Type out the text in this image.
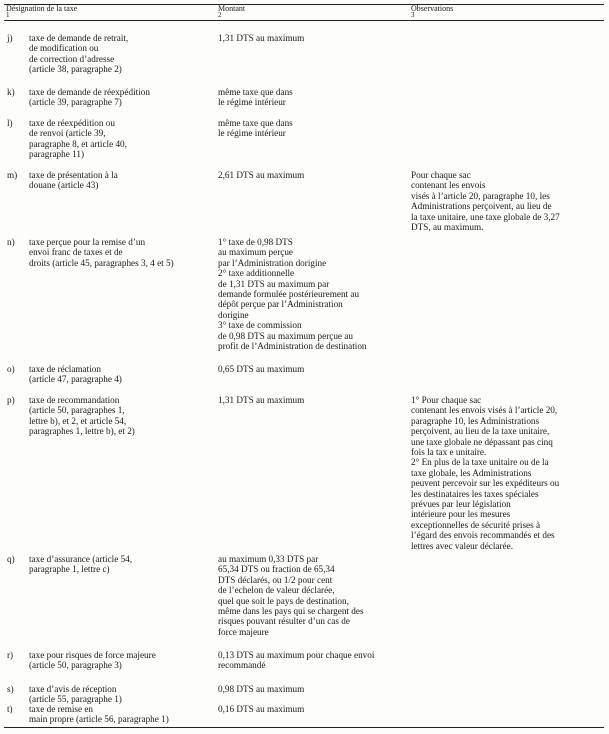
Désignation de la taxe
1
Montant
2
Observations
3
j) taxe de demande de retrait,
de modification ou
de correction d’adresse
(article 38, paragraphe 2)
1,31 DTS au maximum
k) taxe de demande de réexpédition
(article 39, paragraphe 7)
même taxe que dans
le régime intérieur
l) taxe de réexpédition ou
de renvoi (article 39,
paragraphe 8, et article 40,
paragraphe 11)
même taxe que dans
le régime intérieur
m) taxe de présentation à la
douane (article 43)
2,61 DTS au maximum	Pour chaque sac
contenant les envois
visés à l’article 20, paragraphe 10, les
Administrations perçoivent, au lieu de
la taxe unitaire, une taxe globale de 3,27
DTS, au maximum.
n) taxe perçue pour la remise d’un
envoi franc de taxes et de
droits (article 45, paragraphes 3, 4 et 5)
1° taxe de 0,98 DTS
au maximum perçue
par l’Administration dorigine
2° taxe additionnelle
de 1,31 DTS au maximum par
demande formulée postérieurement au
dépôt perçue par l’Administration
dorigine
3° taxe de commission
de 0,98 DTS au maximum perçue au
profit de l’Administration de destination
o) taxe de réclamation
(article 47, paragraphe 4)
0,65 DTS au maximum
p) taxe de recommandation
(article 50, paragraphes 1,
lettre b), et 2, et article 54,
paragraphes 1, lettre b), et 2)
1,31 DTS au maximum	1° Pour chaque sac
contenant les envois visés à l’article 20,
paragraphe 10, les Administrations
perçoivent, au lieu de la taxe unitaire,
une taxe globale ne dépassant pas cinq
fois la tax e unitaire.
2° En plus de la taxe unitaire ou de la
taxe globale, les Administrations
peuvent percevoir sur les expéditeurs ou
les destinataires les taxes spéciales
prévues par leur législation
intérieure pour les mesures
exceptionnelles de sécurité prises à
l’égard des envois recommandés et des
lettres avec valeur déclarée.
q) taxe d’assurance (article 54,
paragraphe 1, lettre c)
au maximum 0,33 DTS par
65,34 DTS ou fraction de 65,34
DTS déclarés, ou 1/2 pour cent
de l’echelon de valeur déclarée,
quel que soit le pays de destination,
même dans les pays qui se chargent des
risques pouvant résulter d’un cas de
force majeure
r) taxe pour risques de force majeure
(article 50, paragraphe 3)
0,13 DTS au maximum pour chaque envoi
recommandé
s) taxe d’avis de réception
(article 55, paragraphe 1)
0,98 DTS au maximum
t) taxe de remise en
main propre (article 56, paragraphe 1)
0,16 DTS au maximum
